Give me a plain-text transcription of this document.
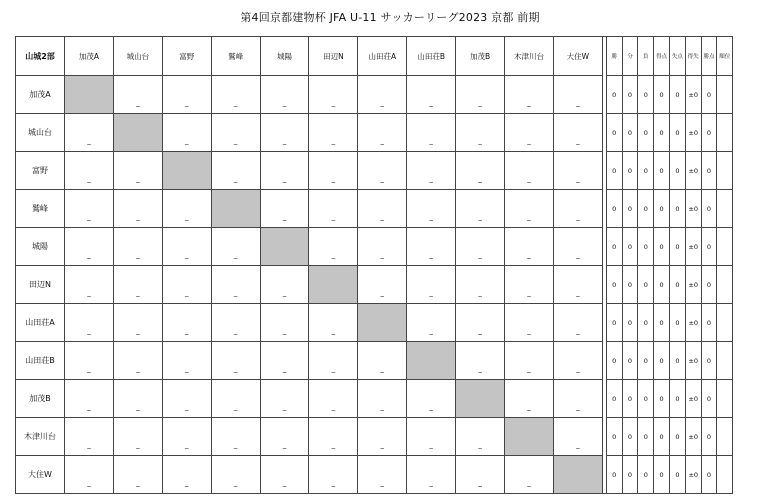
第4回京都建物杯 JFA U-11 サッカーリーグ2023 京都 前期
山城2部	加茂A	城山台	富野	鷲峰	城陽	田辺N	山田荘A	山田荘B	加茂B	木津川台	大住W		勝	分	負	得点	失点	得失	勝点	順位
加茂A		_	_	_	_	_	_	_	_	_	_		0	0	0	0	0	±0	0	
城山台	_		_	_	_	_	_	_	_	_	_		0	0	0	0	0	±0	0	
富野	_	_		_	_	_	_	_	_	_	_		0	0	0	0	0	±0	0	
鷲峰	_	_	_		_	_	_	_	_	_	_		0	0	0	0	0	±0	0	
城陽	_	_	_	_		_	_	_	_	_	_		0	0	0	0	0	±0	0	
田辺N	_	_	_	_	_		_	_	_	_	_		0	0	0	0	0	±0	0	
山田荘A	_	_	_	_	_	_		_	_	_	_		0	0	0	0	0	±0	0	
山田荘B	_	_	_	_	_	_	_		_	_	_		0	0	0	0	0	±0	0	
加茂B	_	_	_	_	_	_	_	_		_	_		0	0	0	0	0	±0	0	
木津川台	_	_	_	_	_	_	_	_	_		_		0	0	0	0	0	±0	0	
大住W	_	_	_	_	_	_	_	_	_	_			0	0	0	0	0	±0	0	
